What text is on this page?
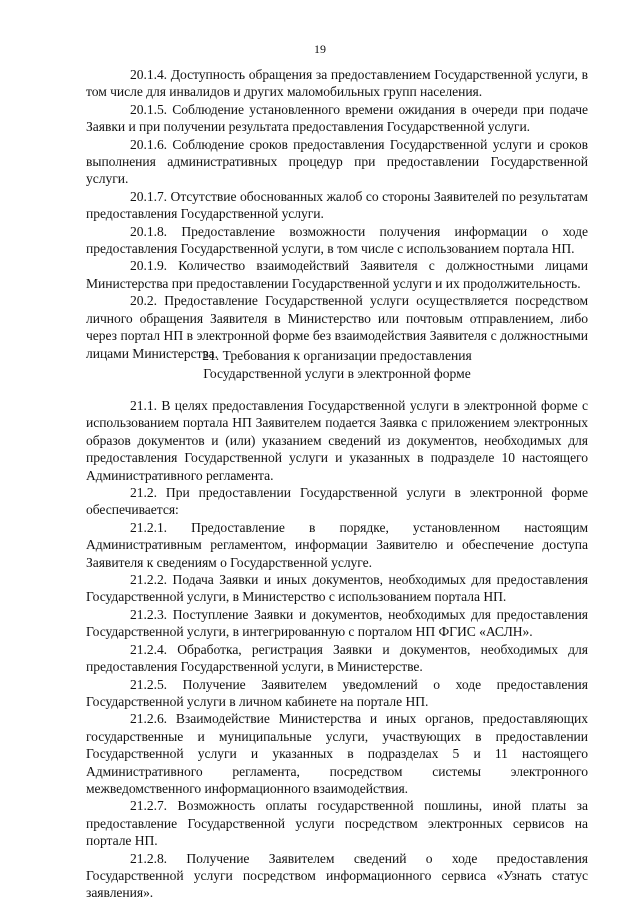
19

20.1.4. Доступность обращения за предоставлением Государственной услуги, в том числе для инвалидов и других маломобильных групп населения.

20.1.5. Соблюдение установленного времени ожидания в очереди при подаче Заявки и при получении результата предоставления Государственной услуги.

20.1.6. Соблюдение сроков предоставления Государственной услуги и сроков выполнения административных процедур при предоставлении Государственной услуги.

20.1.7. Отсутствие обоснованных жалоб со стороны Заявителей по результатам предоставления Государственной услуги.

20.1.8. Предоставление возможности получения информации о ходе предоставления Государственной услуги, в том числе с использованием портала НП.

20.1.9. Количество взаимодействий Заявителя с должностными лицами Министерства при предоставлении Государственной услуги и их продолжительность.

20.2. Предоставление Государственной услуги осуществляется посредством личного обращения Заявителя в Министерство или почтовым отправлением, либо через портал НП в электронной форме без взаимодействия Заявителя с должностными лицами Министерства.

21. Требования к организации предоставления
Государственной услуги в электронной форме

21.1. В целях предоставления Государственной услуги в электронной форме с использованием портала НП Заявителем подается Заявка с приложением электронных образов документов и (или) указанием сведений из документов, необходимых для предоставления Государственной услуги и указанных в подразделе 10 настоящего Административного регламента.

21.2. При предоставлении Государственной услуги в электронной форме обеспечивается:

21.2.1. Предоставление в порядке, установленном настоящим Административным регламентом, информации Заявителю и обеспечение доступа Заявителя к сведениям о Государственной услуге.

21.2.2. Подача Заявки и иных документов, необходимых для предоставления Государственной услуги, в Министерство с использованием портала НП.

21.2.3. Поступление Заявки и документов, необходимых для предоставления Государственной услуги, в интегрированную с порталом НП ФГИС «АСЛН».

21.2.4. Обработка, регистрация Заявки и документов, необходимых для предоставления Государственной услуги, в Министерстве.

21.2.5. Получение Заявителем уведомлений о ходе предоставления Государственной услуги в личном кабинете на портале НП.

21.2.6. Взаимодействие Министерства и иных органов, предоставляющих государственные и муниципальные услуги, участвующих в предоставлении Государственной услуги и указанных в подразделах 5 и 11 настоящего Административного регламента, посредством системы электронного межведомственного информационного взаимодействия.

21.2.7. Возможность оплаты государственной пошлины, иной платы за предоставление Государственной услуги посредством электронных сервисов на портале НП.

21.2.8. Получение Заявителем сведений о ходе предоставления Государственной услуги посредством информационного сервиса «Узнать статус заявления».
